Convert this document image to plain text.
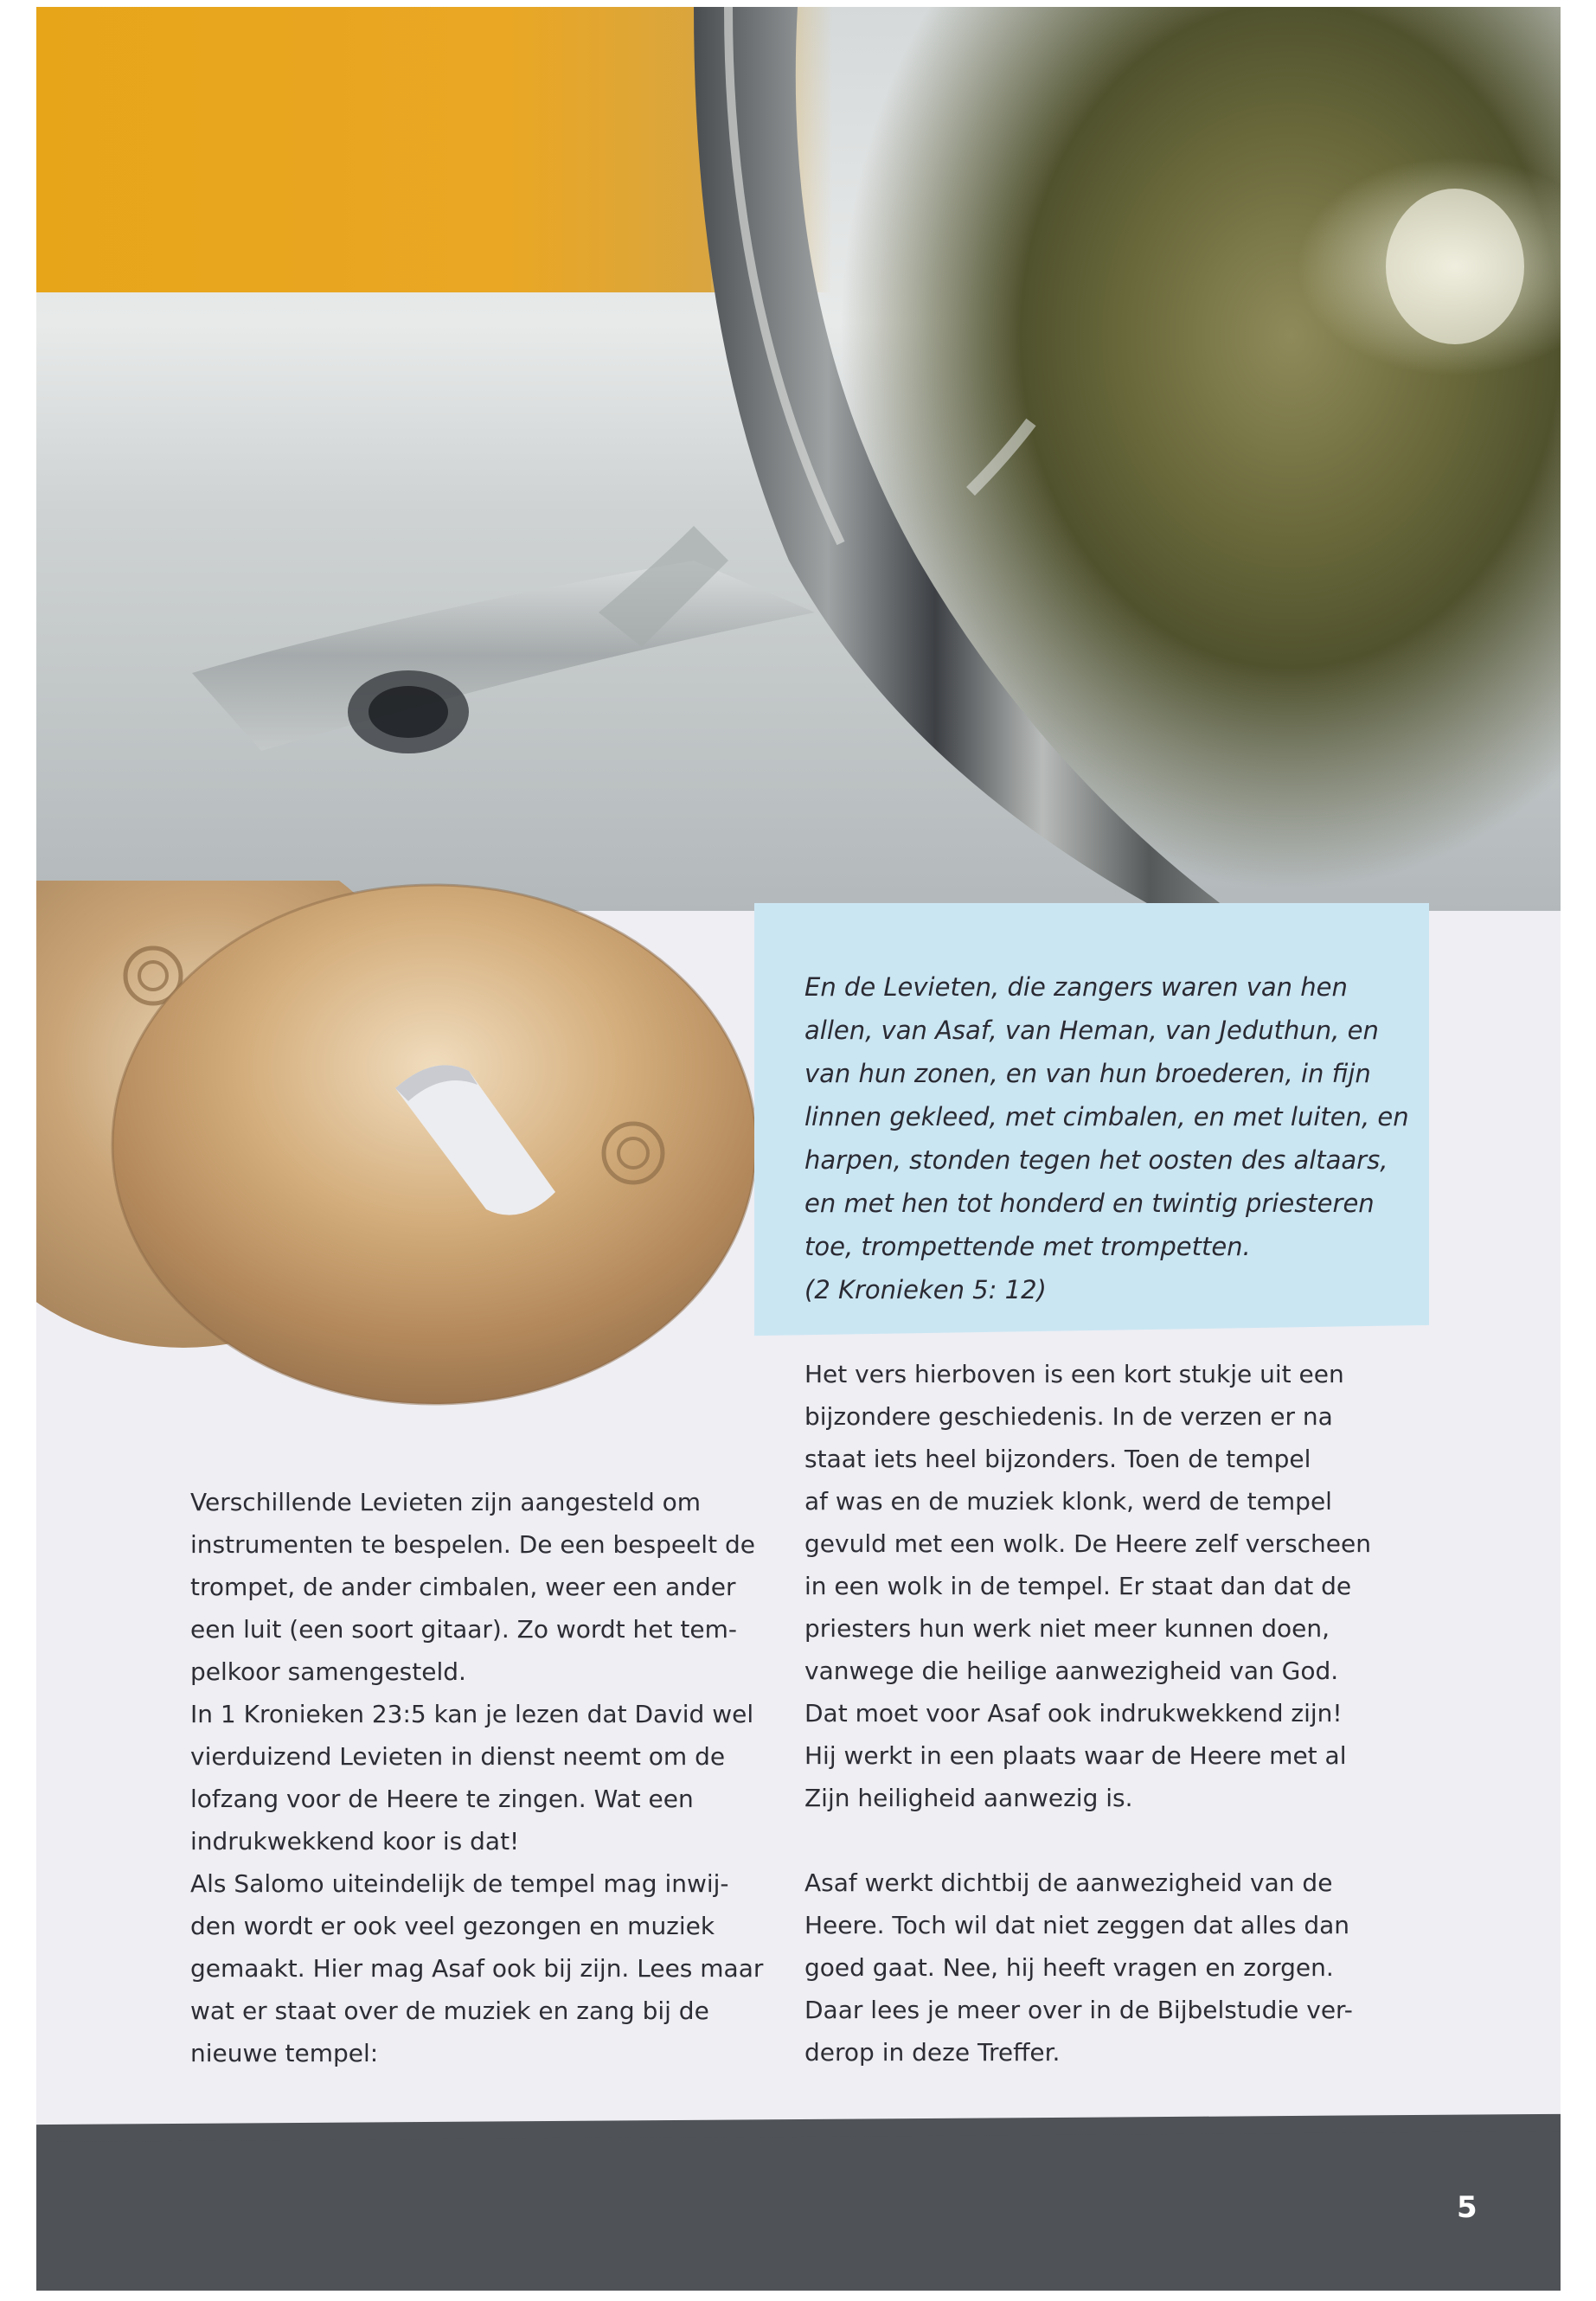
En de Levieten, die zangers waren van hen
allen, van Asaf, van Heman, van Jeduthun, en
van hun zonen, en van hun broederen, in fijn
linnen gekleed, met cimbalen, en met luiten, en
harpen, stonden tegen het oosten des altaars,
en met hen tot honderd en twintig priesteren
toe, trompettende met trompetten.
(2 Kronieken 5: 12)
Verschillende Levieten zijn aangesteld om
instrumenten te bespelen. De een bespeelt de
trompet, de ander cimbalen, weer een ander
een luit (een soort gitaar). Zo wordt het tem-
pelkoor samengesteld.
In 1 Kronieken 23:5 kan je lezen dat David wel
vierduizend Levieten in dienst neemt om de
lofzang voor de Heere te zingen. Wat een
indrukwekkend koor is dat!
Als Salomo uiteindelijk de tempel mag inwij-
den wordt er ook veel gezongen en muziek
gemaakt. Hier mag Asaf ook bij zijn. Lees maar
wat er staat over de muziek en zang bij de
nieuwe tempel:
Het vers hierboven is een kort stukje uit een
bijzondere geschiedenis. In de verzen er na
staat iets heel bijzonders. Toen de tempel
af was en de muziek klonk, werd de tempel
gevuld met een wolk. De Heere zelf verscheen
in een wolk in de tempel. Er staat dan dat de
priesters hun werk niet meer kunnen doen,
vanwege die heilige aanwezigheid van God.
Dat moet voor Asaf ook indrukwekkend zijn!
Hij werkt in een plaats waar de Heere met al
Zijn heiligheid aanwezig is.
Asaf werkt dichtbij de aanwezigheid van de
Heere. Toch wil dat niet zeggen dat alles dan
goed gaat. Nee, hij heeft vragen en zorgen.
Daar lees je meer over in de Bijbelstudie ver-
derop in deze Treffer.
5
